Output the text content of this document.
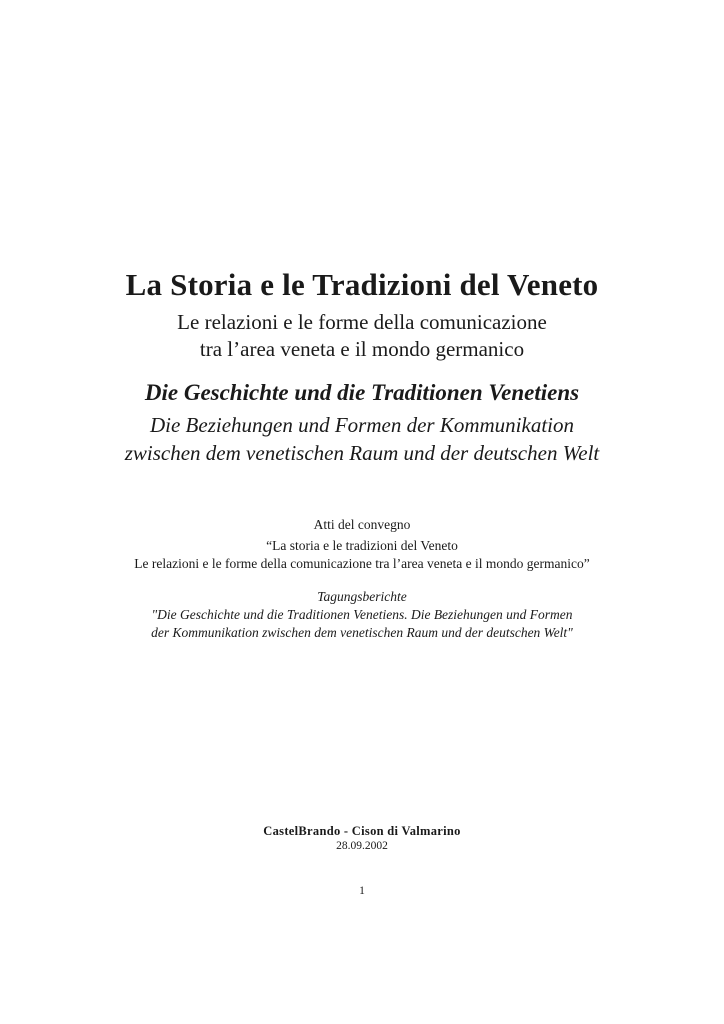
La Storia e le Tradizioni del Veneto
Le relazioni e le forme della comunicazione
tra l’area veneta e il mondo germanico
Die Geschichte und die Traditionen Venetiens
Die Beziehungen und Formen der Kommunikation
zwischen dem venetischen Raum und der deutschen Welt
Atti del convegno
“La storia e le tradizioni del Veneto
Le relazioni e le forme della comunicazione tra l’area veneta e il mondo germanico”
Tagungsberichte
"Die Geschichte und die Traditionen Venetiens. Die Beziehungen und Formen
der Kommunikation zwischen dem venetischen Raum und der deutschen Welt"
CastelBrando - Cison di Valmarino
28.09.2002
1
